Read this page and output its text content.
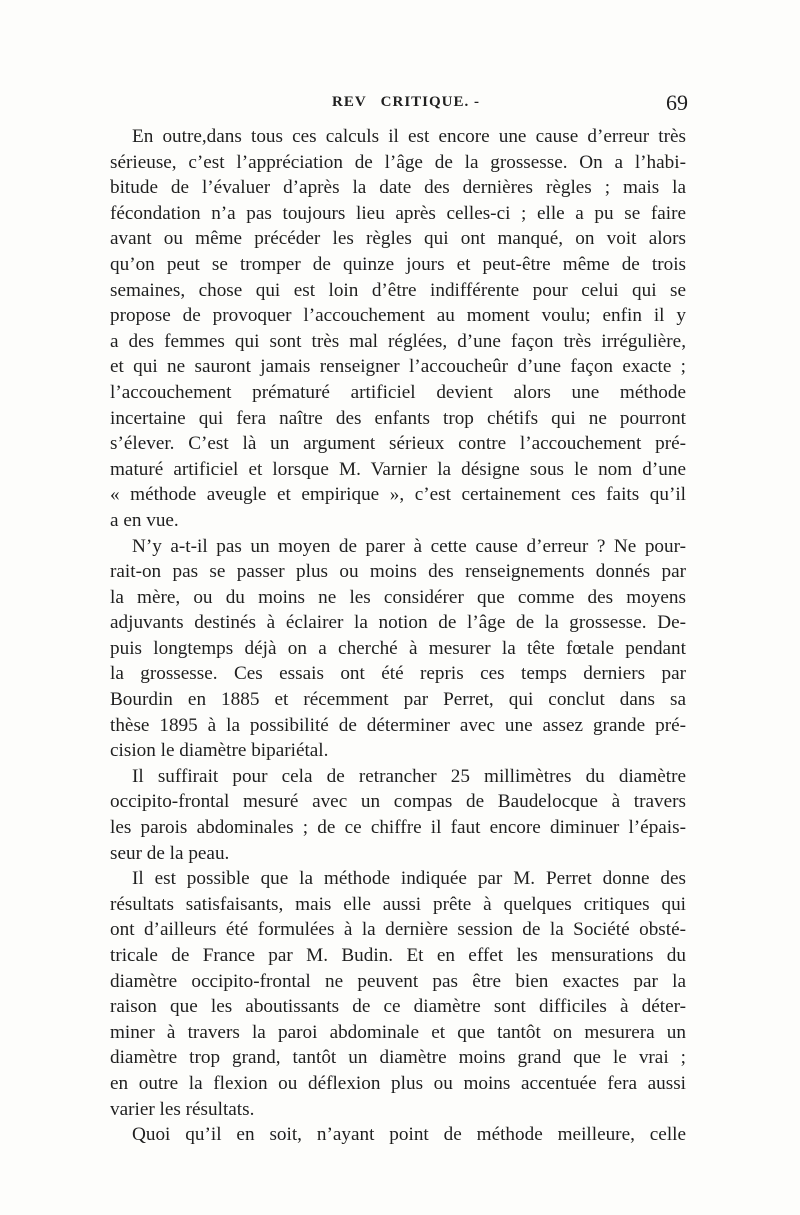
REV   CRITIQUE. -	69
En outre,dans tous ces calculs il est encore une cause d’erreur très
sérieuse, c’est l’appréciation de l’âge de la grossesse. On a l’habi-
bitude de l’évaluer d’après la date des dernières règles ; mais la
fécondation n’a pas toujours lieu après celles-ci ; elle a pu se faire
avant ou même précéder les règles qui ont manqué, on voit alors
qu’on peut se tromper de quinze jours et peut-être même de trois
semaines, chose qui est loin d’être indifférente pour celui qui se
propose de provoquer l’accouchement au moment voulu; enfin il y
a des femmes qui sont très mal réglées, d’une façon très irrégulière,
et qui ne sauront jamais renseigner l’accoucheûr d’une façon exacte ;
l’accouchement prématuré artificiel devient alors une méthode
incertaine qui fera naître des enfants trop chétifs qui ne pourront
s’élever. C’est là un argument sérieux contre l’accouchement pré-
maturé artificiel et lorsque M. Varnier la désigne sous le nom d’une
« méthode aveugle et empirique », c’est certainement ces faits qu’il
a en vue.
N’y a-t-il pas un moyen de parer à cette cause d’erreur ? Ne pour-
rait-on pas se passer plus ou moins des renseignements donnés par
la mère, ou du moins ne les considérer que comme des moyens
adjuvants destinés à éclairer la notion de l’âge de la grossesse. De-
puis longtemps déjà on a cherché à mesurer la tête fœtale pendant
la grossesse. Ces essais ont été repris ces temps derniers par
Bourdin en 1885 et récemment par Perret, qui conclut dans sa
thèse 1895 à la possibilité de déterminer avec une assez grande pré-
cision le diamètre bipariétal.
Il suffirait pour cela de retrancher 25 millimètres du diamètre
occipito-frontal mesuré avec un compas de Baudelocque à travers
les parois abdominales ; de ce chiffre il faut encore diminuer l’épais-
seur de la peau.
Il est possible que la méthode indiquée par M. Perret donne des
résultats satisfaisants, mais elle aussi prête à quelques critiques qui
ont d’ailleurs été formulées à la dernière session de la Société obsté-
tricale de France par M. Budin. Et en effet les mensurations du
diamètre occipito-frontal ne peuvent pas être bien exactes par la
raison que les aboutissants de ce diamètre sont difficiles à déter-
miner à travers la paroi abdominale et que tantôt on mesurera un
diamètre trop grand, tantôt un diamètre moins grand que le vrai ;
en outre la flexion ou déflexion plus ou moins accentuée fera aussi
varier les résultats.
Quoi qu’il en soit, n’ayant point de méthode meilleure, celle
